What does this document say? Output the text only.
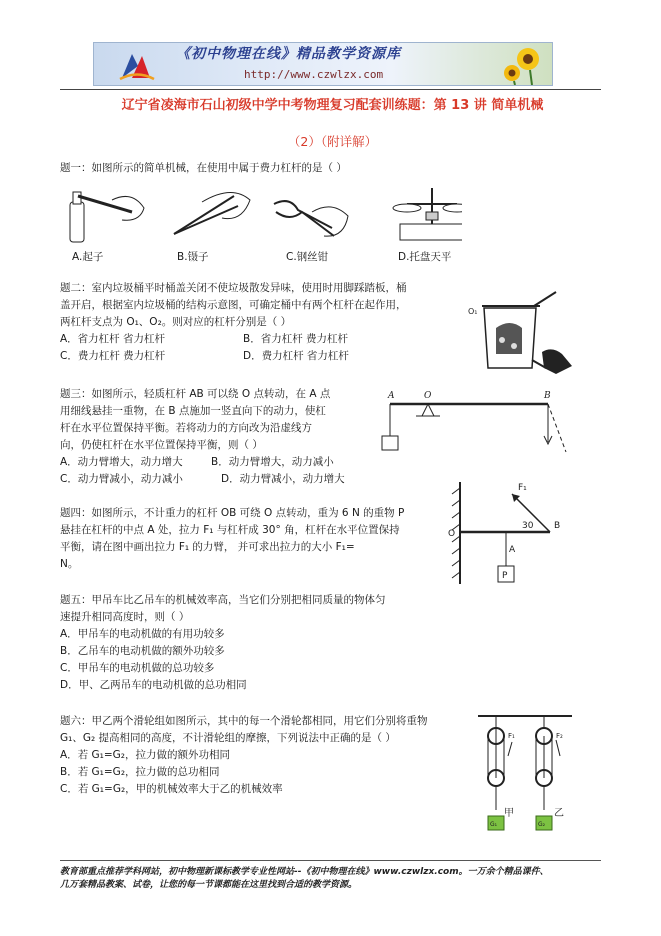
《初中物理在线》精品教学资源库
http://www.czwlzx.com
辽宁省凌海市石山初级中学中考物理复习配套训练题：第 13 讲 简单机械
（2）（附详解）
题一：如图所示的简单机械，在使用中属于费力杠杆的是（ ）
A.起子	B.镊子	C.钢丝钳	D.托盘天平
题二：室内垃圾桶平时桶盖关闭不使垃圾散发异味，使用时用脚踩踏板，桶
盖开启，根据室内垃圾桶的结构示意图，可确定桶中有两个杠杆在起作用，
两杠杆支点为 O₁、O₂。则对应的杠杆分别是（ ）
A．省力杠杆 省力杠杆	B．省力杠杆 费力杠杆
C．费力杠杆 费力杠杆	D．费力杠杆 省力杠杆
O₁
题三：如图所示，轻质杠杆 AB 可以绕 O 点转动，在 A 点
用细线悬挂一重物，在 B 点施加一竖直向下的动力，使杠
杆在水平位置保持平衡。若将动力的方向改为沿虚线方
向，仍使杠杆在水平位置保持平衡，则（ ）
A．动力臂增大，动力增大	B．动力臂增大，动力减小
C．动力臂减小，动力减小	D．动力臂减小，动力增大
A	O	B
题四：如图所示，不计重力的杠杆 OB 可绕 O 点转动，重为 6 N 的重物 P
悬挂在杠杆的中点 A 处，拉力 F₁ 与杠杆成 30° 角，杠杆在水平位置保持
平衡，请在图中画出拉力 F₁ 的力臂， 并可求出拉力的大小 F₁=
N。
F₁
30
O
B
A
P
题五：甲吊车比乙吊车的机械效率高，当它们分别把相同质量的物体匀
速提升相同高度时，则（ ）
A．甲吊车的电动机做的有用功较多
B．乙吊车的电动机做的额外功较多
C．甲吊车的电动机做的总功较多
D．甲、乙两吊车的电动机做的总功相同
题六：甲乙两个滑轮组如图所示，其中的每一个滑轮都相同，用它们分别将重物
G₁、G₂ 提高相同的高度，不计滑轮组的摩擦，下列说法中正确的是（ ）
A．若 G₁=G₂，拉力做的额外功相同
B．若 G₁=G₂，拉力做的总功相同
C．若 G₁=G₂，甲的机械效率大于乙的机械效率
F₁	F₂
甲	乙
G₁	G₂
教育部重点推荐学科网站，初中物理新课标教学专业性网站--《初中物理在线》www.czwlzx.com。一万余个精品课件、
几万套精品教案、试卷，让您的每一节课都能在这里找到合适的教学资源。
